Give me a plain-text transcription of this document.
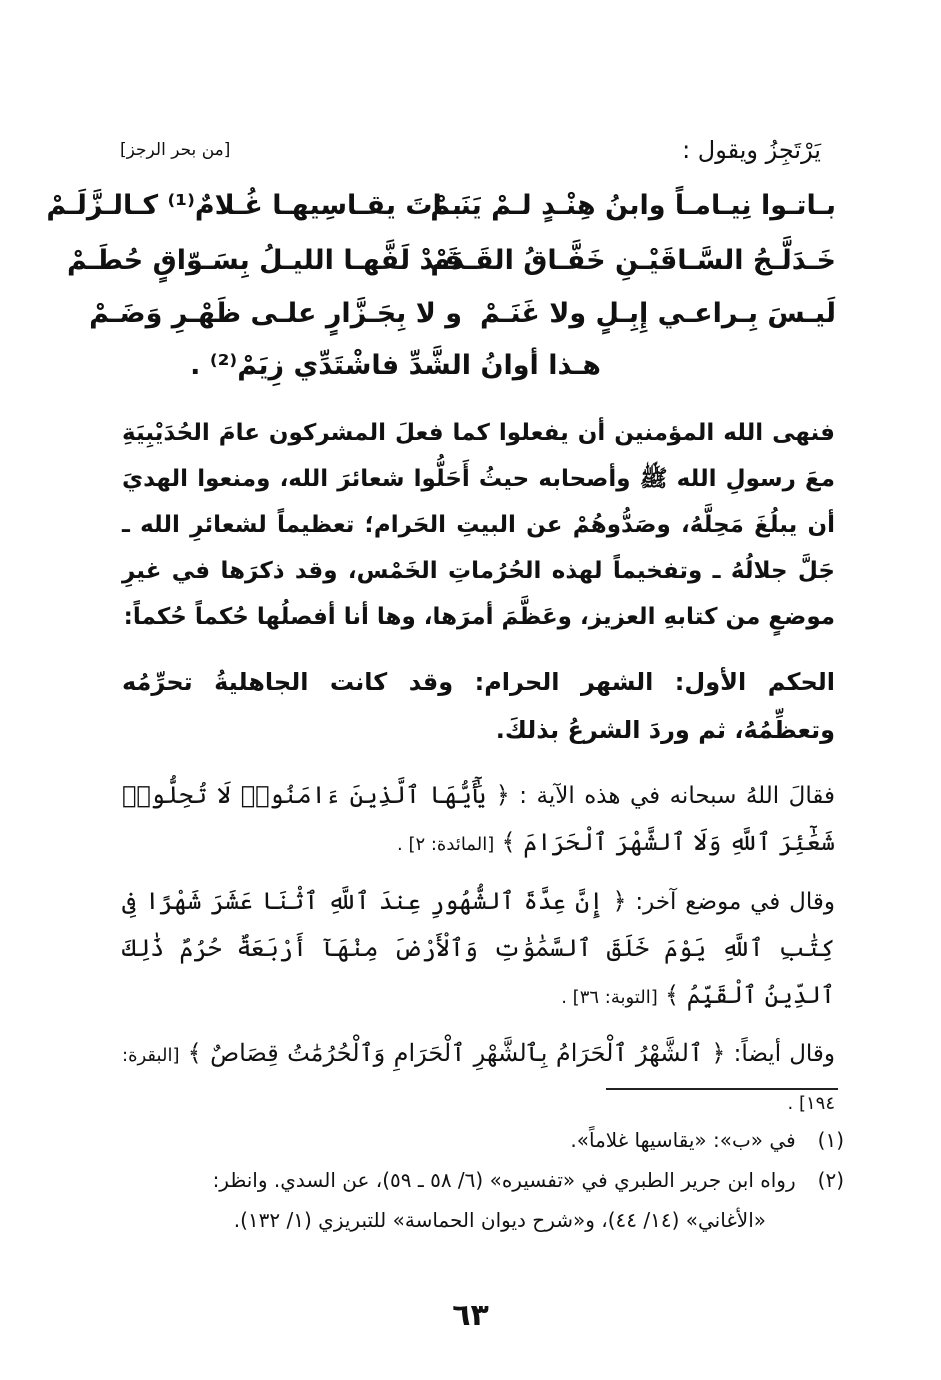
يَرْتَجِزُ ويقول :
[من بحر الرجز]
بـاتـوا نِيـامـاً وابنُ هِنْـدٍ لـمْ يَنَـمْ
بـاتَ يقـاسِيهـا غُـلامٌ⁽¹⁾ كـالـزَّلَـمْ
خَـدَلَّـجُ السَّـاقَيْـنِ خَفَّـاقُ القَـدَمْ
قَـدْ لَفَّهـا الليـلُ بِسَـوّاقٍ حُطَـمْ
لَيـسَ بِـراعـي إِبِـلٍ ولا غَنَـمْ
و لا بِجَـزَّارٍ علـى ظَهْـرِ وَضَـمْ
هـذا أوانُ الشَّدِّ فاشْتَدِّي زِيَمْ⁽²⁾ .
فنهى الله المؤمنين أن يفعلوا كما فعلَ المشركون عامَ الحُدَيْبِيَةِ معَ رسولِ الله ﷺ وأصحابه حيثُ أَحَلُّوا شعائرَ الله، ومنعوا الهديَ أن يبلُغَ مَحِلَّهُ، وصَدُّوهُمْ عن البيتِ الحَرام؛ تعظيماً لشعائرِ الله ـ جَلَّ جلالُهُ ـ وتفخيماً لهذه الحُرُماتِ الخَمْس، وقد ذكرَها في غيرِ موضعٍ من كتابهِ العزيز، وعَظَّمَ أمرَها، وها أنا أفصلُها حُكماً حُكماً:
الحكم الأول: الشهر الحرام: وقد كانت الجاهليةُ تحرِّمُه وتعظِّمُهُ، ثم وردَ الشرعُ بذلكَ.
فقالَ اللهُ سبحانه في هذه الآية : ﴿ يَٰٓأَيُّهَا ٱلَّذِينَ ءَامَنُوا۟ لَا تُحِلُّوا۟ شَعَٰٓئِرَ ٱللَّهِ وَلَا ٱلشَّهْرَ ٱلْحَرَامَ ﴾ [المائدة: ٢] .
وقال في موضع آخر: ﴿ إِنَّ عِدَّةَ ٱلشُّهُورِ عِندَ ٱللَّهِ ٱثْنَا عَشَرَ شَهْرًا فِى كِتَٰبِ ٱللَّهِ يَوْمَ خَلَقَ ٱلسَّمَٰوَٰتِ وَٱلْأَرْضَ مِنْهَآ أَرْبَعَةٌ حُرُمٌ ذَٰلِكَ ٱلدِّينُ ٱلْقَيِّمُ ﴾ [التوبة: ٣٦] .
وقال أيضاً: ﴿ ٱلشَّهْرُ ٱلْحَرَامُ بِٱلشَّهْرِ ٱلْحَرَامِ وَٱلْحُرُمَٰتُ قِصَاصٌ ﴾ [البقرة: ١٩٤] .
(١) في «ب»: «يقاسيها غلاماً».
(٢) رواه ابن جرير الطبري في «تفسيره» (٦/ ٥٨ ـ ٥٩)، عن السدي. وانظر:
«الأغاني» (١٤/ ٤٤)، و«شرح ديوان الحماسة» للتبريزي (١/ ١٣٢).
٦٣
